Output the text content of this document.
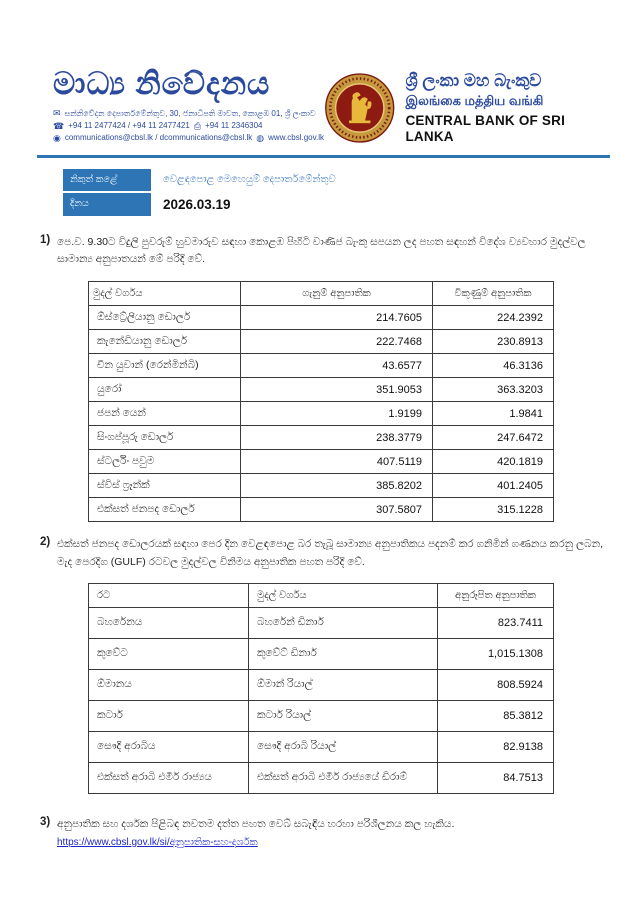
මාධ්‍ය නිවේදනය
✉ සන්නිවේදන දෙපාර්තමේන්තුව, 30, ජනාධිපති මාවත, කොළඹ 01, ශ්‍රී ලංකාව
☎ +94 11 2477424 / +94 11 2477421 ⎙ +94 11 2346304
◉ communications@cbsl.lk / dcommunications@cbsl.lk ◍ www.cbsl.gov.lk
ශ්‍රී ලංකා මහ බැංකුව
இலங்கை மத்திய வங்கி
CENTRAL BANK OF SRI LANKA
නිකුත් කළේ	වෙළඳපොළ මෙහෙයුම් දෙපාර්තමේන්තුව
දිනය	2026.03.19
1) පෙ.ව. 9.30ට විදුලි පුවරුම් හුවමාරුව සඳහා කොළඹ පිහිටි වාණිජ බැංකු සපයන ලද පහත සඳහන් විදේශ ව්‍යවහාර මුදල්වල සාමාන්‍ය අනුපාතයන් මේ පරිදි වේ.
මුදල් වර්ගය	ගැනුම් අනුපාතික	විකුණුම් අනුපාතික
ඕස්ට්‍රේලියානු ඩොලර්	214.7605	224.2392
කැනේඩියානු ඩොලර්	222.7468	230.8913
චීන යුවාන් (රෙන්මින්බි)	43.6577	46.3136
යුරෝ	351.9053	363.3203
ජපන් යෙන්	1.9199	1.9841
සිංගප්පූරු ඩොලර්	238.3779	247.6472
ස්ටර්ලිං පවුම	407.5119	420.1819
ස්විස් ෆ්‍රෑන්ක්	385.8202	401.2405
එක්සත් ජනපද ඩොලර්	307.5807	315.1228
2) එක්සත් ජනපද ඩොලරයක් සඳහා පෙර දින වෙළඳපොළ බර තැබූ සාමාන්‍ය අනුපාතිකය පදනම් කර ගනිමින් ගණනය කරනු ලබන, මැද පෙරදිග (GULF) රටවල මුදල්වල විනිමය අනුපාතික පහත පරිදි වේ.
රට	මුදල් වර්ගය	අනුරූපිත අනුපාතික
බහරේනය	බහරේන් ඩිනාර්	823.7411
කුවේට	කුවේට් ඩිනාර්	1,015.1308
ඕමානය	ඕමාන් රියාල්	808.5924
කටාර්	කටාර් රියාල්	85.3812
සෞදි අරාබිය	සෞදි අරාබි රියාල්	82.9138
එක්සත් අරාබි එමීර් රාජ්‍යය	එක්සත් අරාබි එමීර් රාජ්‍යයේ ඩිරාම්	84.7513
3) අනුපාතික සහ දර්ශක පිළිබඳ නවතම දත්ත පහත වෙබ් සබැඳිය හරහා පරිශීලනය කල හැකිය.
https://www.cbsl.gov.lk/si/අනුපාතික-සහ-දර්ශක
